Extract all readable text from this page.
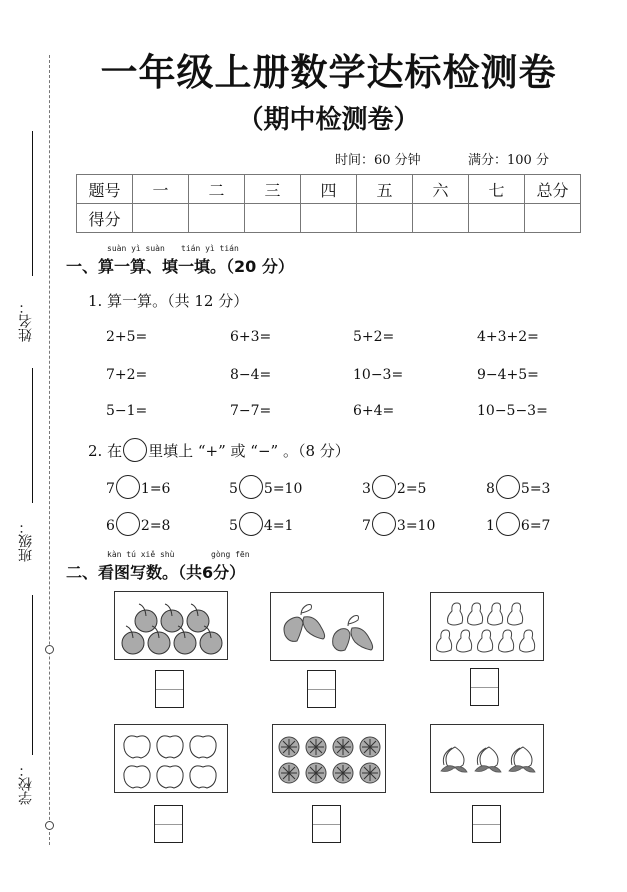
姓名：
班级：
学校：
一年级上册数学达标检测卷
（期中检测卷）
时间：60 分钟	满分：100 分
题号	一	二	三	四	五	六	七	总分
得分								
suàn yì suàn tián yì tián
一、算一算、填一填。（20 分）
1. 算一算。（共 12 分）
2+5=	6+3=	5+2=	4+3+2=
7+2=	8−4=	10−3=	9−4+5=
5−1=	7−7=	6+4=	10−5−3=
2. 在 里填上 “+” 或 “−” 。（8 分）
7 1=6	5 5=10	3 2=5	8 5=3
6 2=8	5 4=1	7 3=10	1 6=7
kàn tú xiě shù	gòng fēn
二、看图写数。（共6分）
